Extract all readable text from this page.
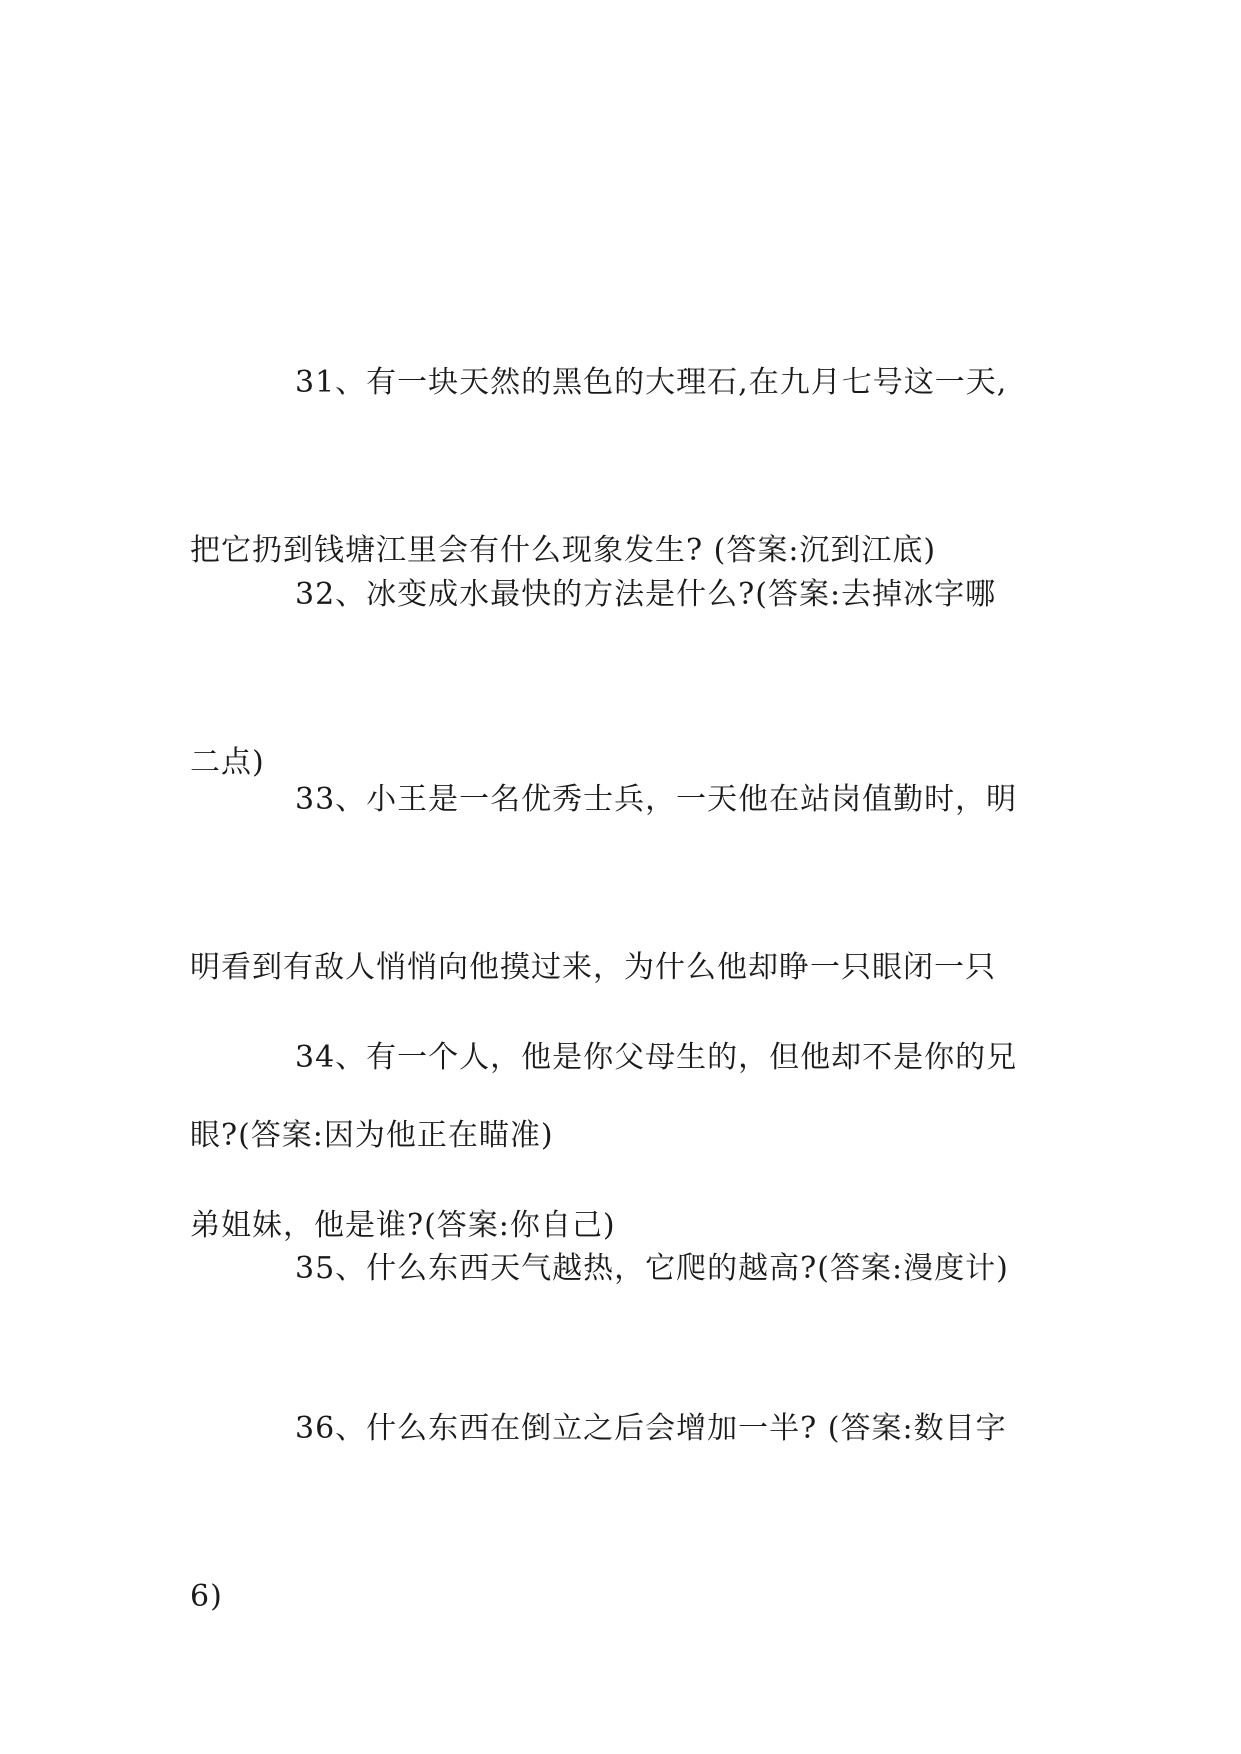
31、有一块天然的黑色的大理石,在九月七号这一天,

把它扔到钱塘江里会有什么现象发生? (答案:沉到江底)

32、冰变成水最快的方法是什么?(答案:去掉冰字哪

二点)

33、小王是一名优秀士兵，一天他在站岗值勤时，明

明看到有敌人悄悄向他摸过来，为什么他却睁一只眼闭一只

眼?(答案:因为他正在瞄准)

34、有一个人，他是你父母生的，但他却不是你的兄

弟姐妹，他是谁?(答案:你自己)

35、什么东西天气越热，它爬的越高?(答案:漫度计)

36、什么东西在倒立之后会增加一半? (答案:数目字

6)
